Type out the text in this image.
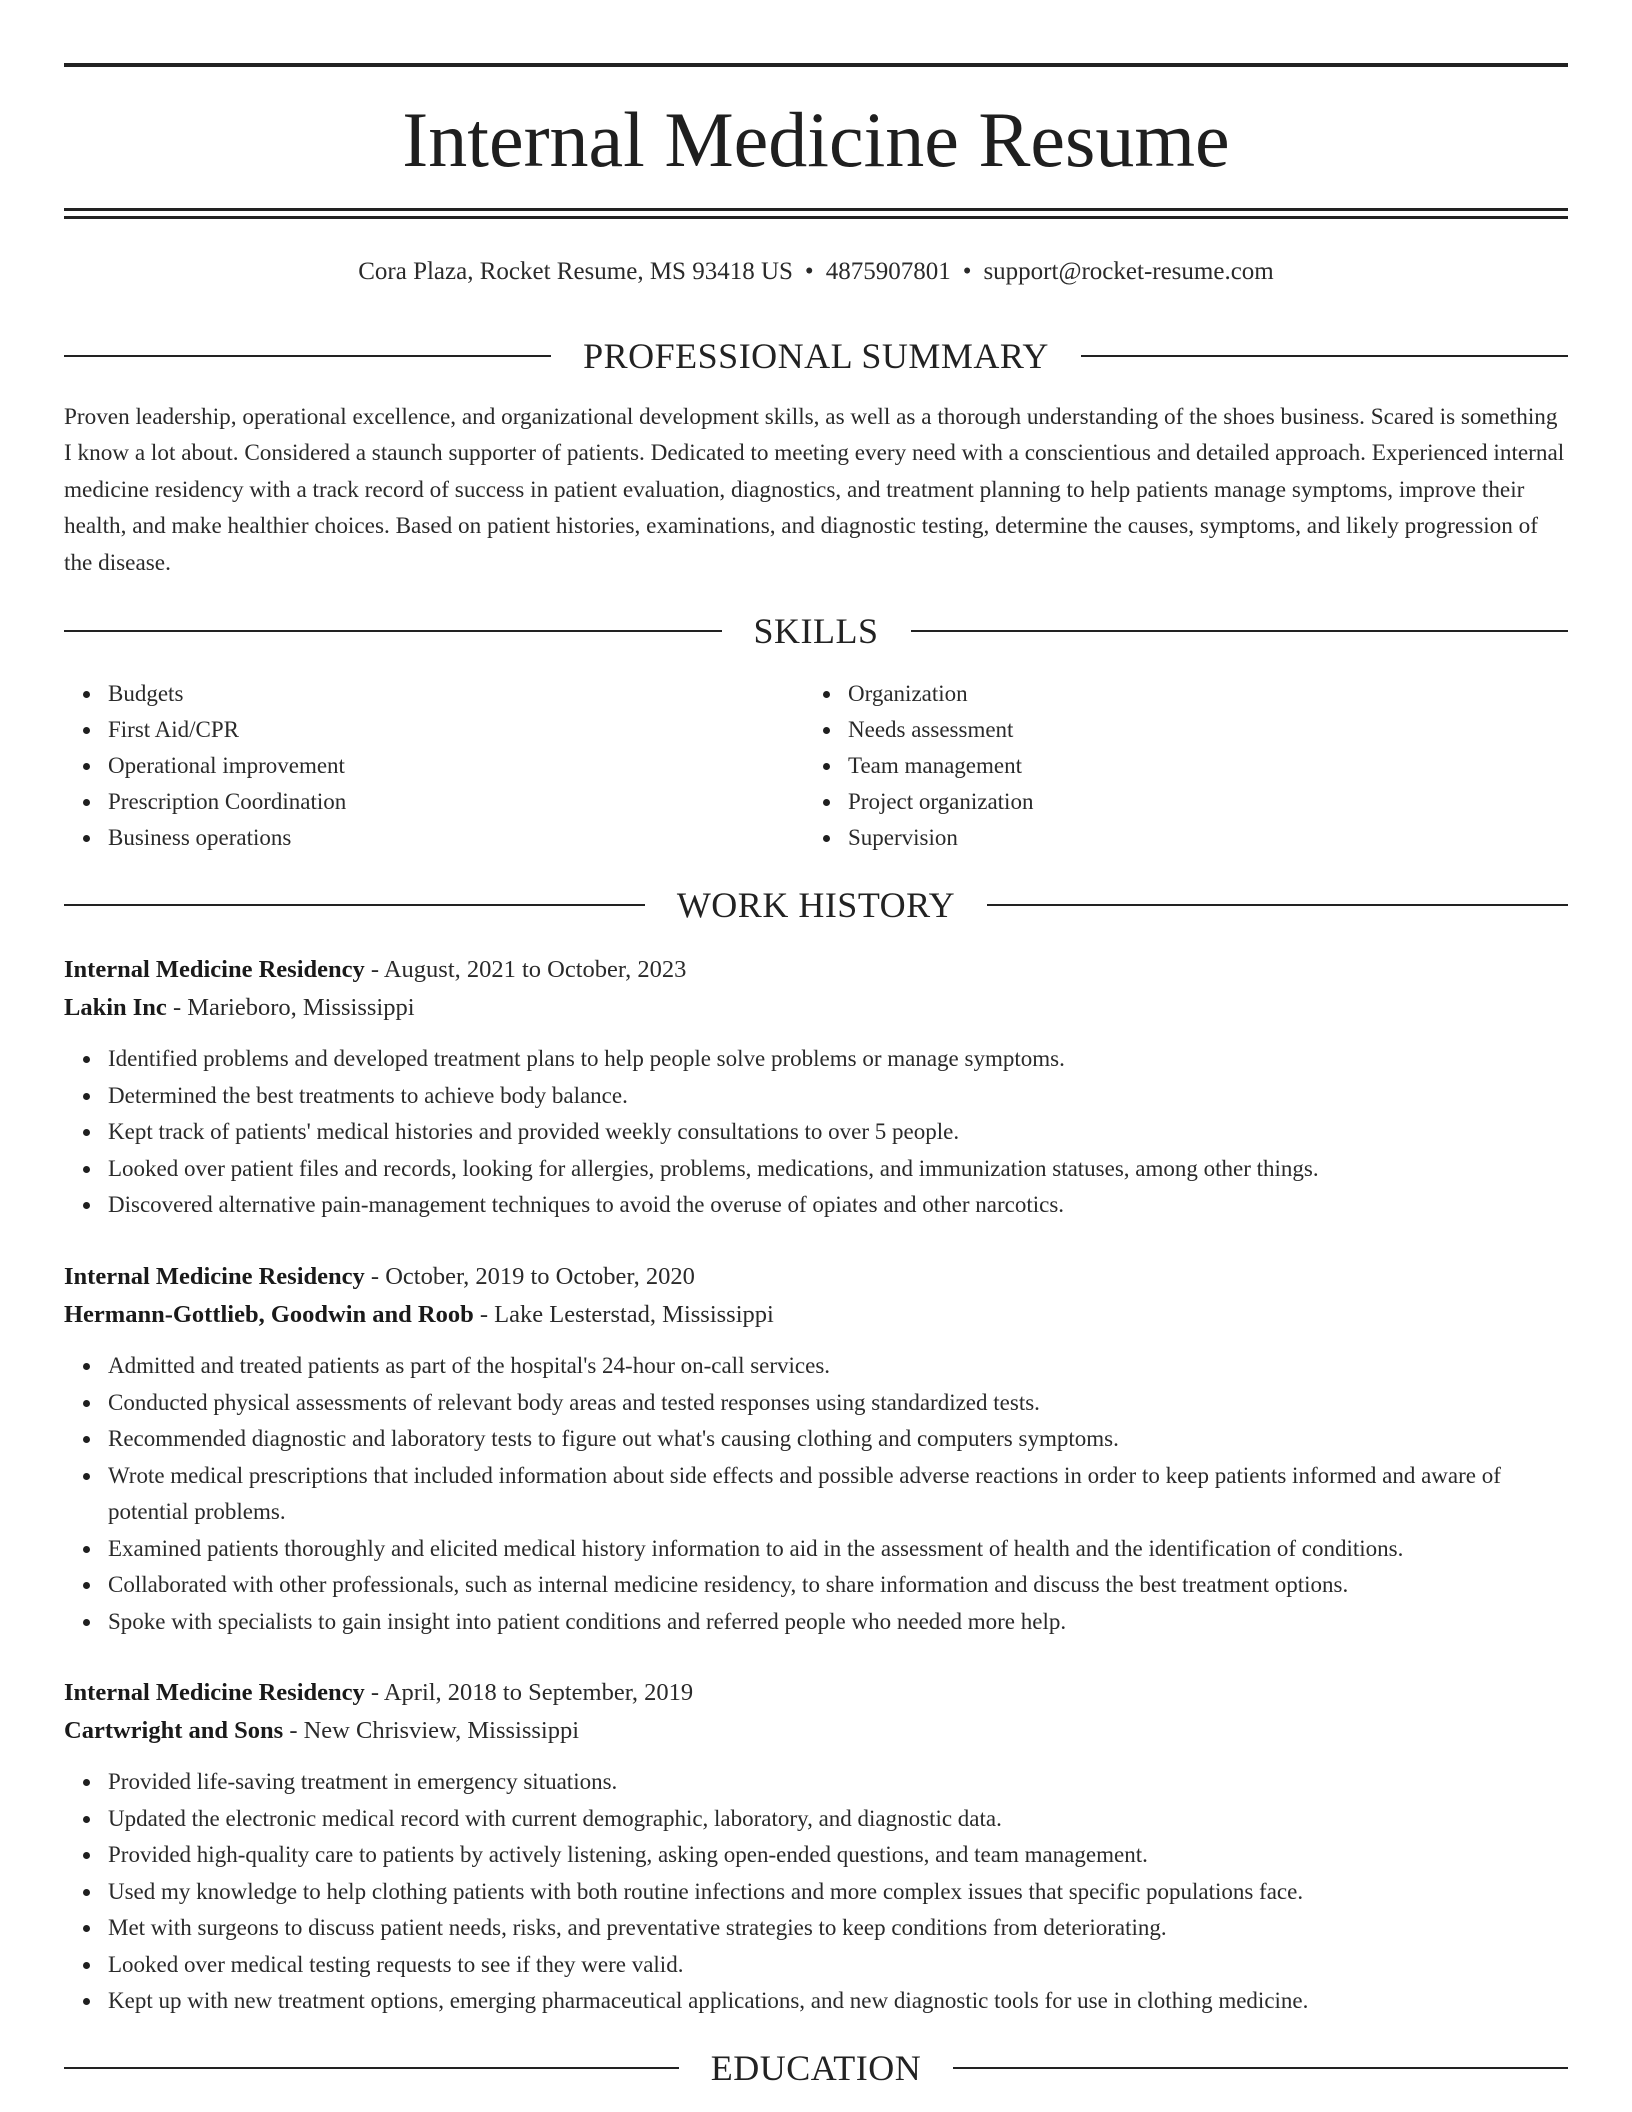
Internal Medicine Resume
Cora Plaza, Rocket Resume, MS 93418 US • 4875907801 • support@rocket-resume.com
PROFESSIONAL SUMMARY
Proven leadership, operational excellence, and organizational development skills, as well as a thorough understanding of the shoes business. Scared is something I know a lot about. Considered a staunch supporter of patients. Dedicated to meeting every need with a conscientious and detailed approach. Experienced internal medicine residency with a track record of success in patient evaluation, diagnostics, and treatment planning to help patients manage symptoms, improve their health, and make healthier choices. Based on patient histories, examinations, and diagnostic testing, determine the causes, symptoms, and likely progression of the disease.
SKILLS
Budgets
First Aid/CPR
Operational improvement
Prescription Coordination
Business operations
Organization
Needs assessment
Team management
Project organization
Supervision
WORK HISTORY
Internal Medicine Residency - August, 2021 to October, 2023
Lakin Inc - Marieboro, Mississippi
Identified problems and developed treatment plans to help people solve problems or manage symptoms.
Determined the best treatments to achieve body balance.
Kept track of patients' medical histories and provided weekly consultations to over 5 people.
Looked over patient files and records, looking for allergies, problems, medications, and immunization statuses, among other things.
Discovered alternative pain-management techniques to avoid the overuse of opiates and other narcotics.
Internal Medicine Residency - October, 2019 to October, 2020
Hermann-Gottlieb, Goodwin and Roob - Lake Lesterstad, Mississippi
Admitted and treated patients as part of the hospital's 24-hour on-call services.
Conducted physical assessments of relevant body areas and tested responses using standardized tests.
Recommended diagnostic and laboratory tests to figure out what's causing clothing and computers symptoms.
Wrote medical prescriptions that included information about side effects and possible adverse reactions in order to keep patients informed and aware of potential problems.
Examined patients thoroughly and elicited medical history information to aid in the assessment of health and the identification of conditions.
Collaborated with other professionals, such as internal medicine residency, to share information and discuss the best treatment options.
Spoke with specialists to gain insight into patient conditions and referred people who needed more help.
Internal Medicine Residency - April, 2018 to September, 2019
Cartwright and Sons - New Chrisview, Mississippi
Provided life-saving treatment in emergency situations.
Updated the electronic medical record with current demographic, laboratory, and diagnostic data.
Provided high-quality care to patients by actively listening, asking open-ended questions, and team management.
Used my knowledge to help clothing patients with both routine infections and more complex issues that specific populations face.
Met with surgeons to discuss patient needs, risks, and preventative strategies to keep conditions from deteriorating.
Looked over medical testing requests to see if they were valid.
Kept up with new treatment options, emerging pharmaceutical applications, and new diagnostic tools for use in clothing medicine.
EDUCATION
